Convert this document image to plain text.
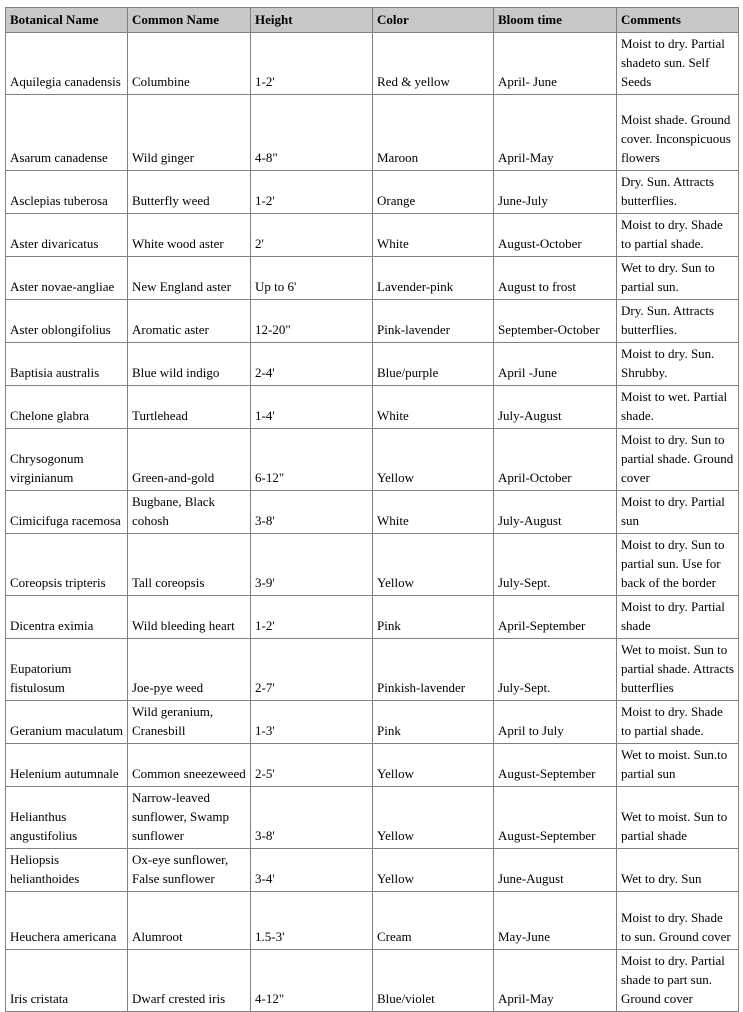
Botanical Name	Common Name	Height	Color	Bloom time	Comments
Aquilegia canadensis	Columbine	1-2'	Red & yellow	April- June	Moist to dry. Partial shadeto sun. Self Seeds
Asarum canadense	Wild ginger	4-8"	Maroon	April-May	Moist shade. Ground cover. Inconspicuous flowers
Asclepias tuberosa	Butterfly weed	1-2'	Orange	June-July	Dry. Sun. Attracts butterflies.
Aster divaricatus	White wood aster	2'	White	August-October	Moist to dry. Shade to partial shade.
Aster novae-angliae	New England aster	Up to 6'	Lavender-pink	August to frost	Wet to dry. Sun to partial sun.
Aster oblongifolius	Aromatic aster	12-20"	Pink-lavender	September-October	Dry. Sun. Attracts butterflies.
Baptisia australis	Blue wild indigo	2-4'	Blue/purple	April -June	Moist to dry. Sun. Shrubby.
Chelone glabra	Turtlehead	1-4'	White	July-August	Moist to wet. Partial shade.
Chrysogonum virginianum	Green-and-gold	6-12"	Yellow	April-October	Moist to dry. Sun to partial shade. Ground cover
Cimicifuga racemosa	Bugbane, Black cohosh	3-8'	White	July-August	Moist to dry. Partial sun
Coreopsis tripteris	Tall coreopsis	3-9'	Yellow	July-Sept.	Moist to dry. Sun to partial sun. Use for back of the border
Dicentra eximia	Wild bleeding heart	1-2'	Pink	April-September	Moist to dry. Partial shade
Eupatorium fistulosum	Joe-pye weed	2-7'	Pinkish-lavender	July-Sept.	Wet to moist. Sun to partial shade. Attracts butterflies
Geranium maculatum	Wild geranium, Cranesbill	1-3'	Pink	April to July	Moist to dry. Shade to partial shade.
Helenium autumnale	Common sneezeweed	2-5'	Yellow	August-September	Wet to moist. Sun.to partial sun
Helianthus angustifolius	Narrow-leaved sunflower, Swamp sunflower	3-8'	Yellow	August-September	Wet to moist. Sun to partial shade
Heliopsis helianthoides	Ox-eye sunflower, False sunflower	3-4'	Yellow	June-August	Wet to dry. Sun
Heuchera americana	Alumroot	1.5-3'	Cream	May-June	Moist to dry. Shade to sun. Ground cover
Iris cristata	Dwarf crested iris	4-12"	Blue/violet	April-May	Moist to dry. Partial shade to part sun. Ground cover
